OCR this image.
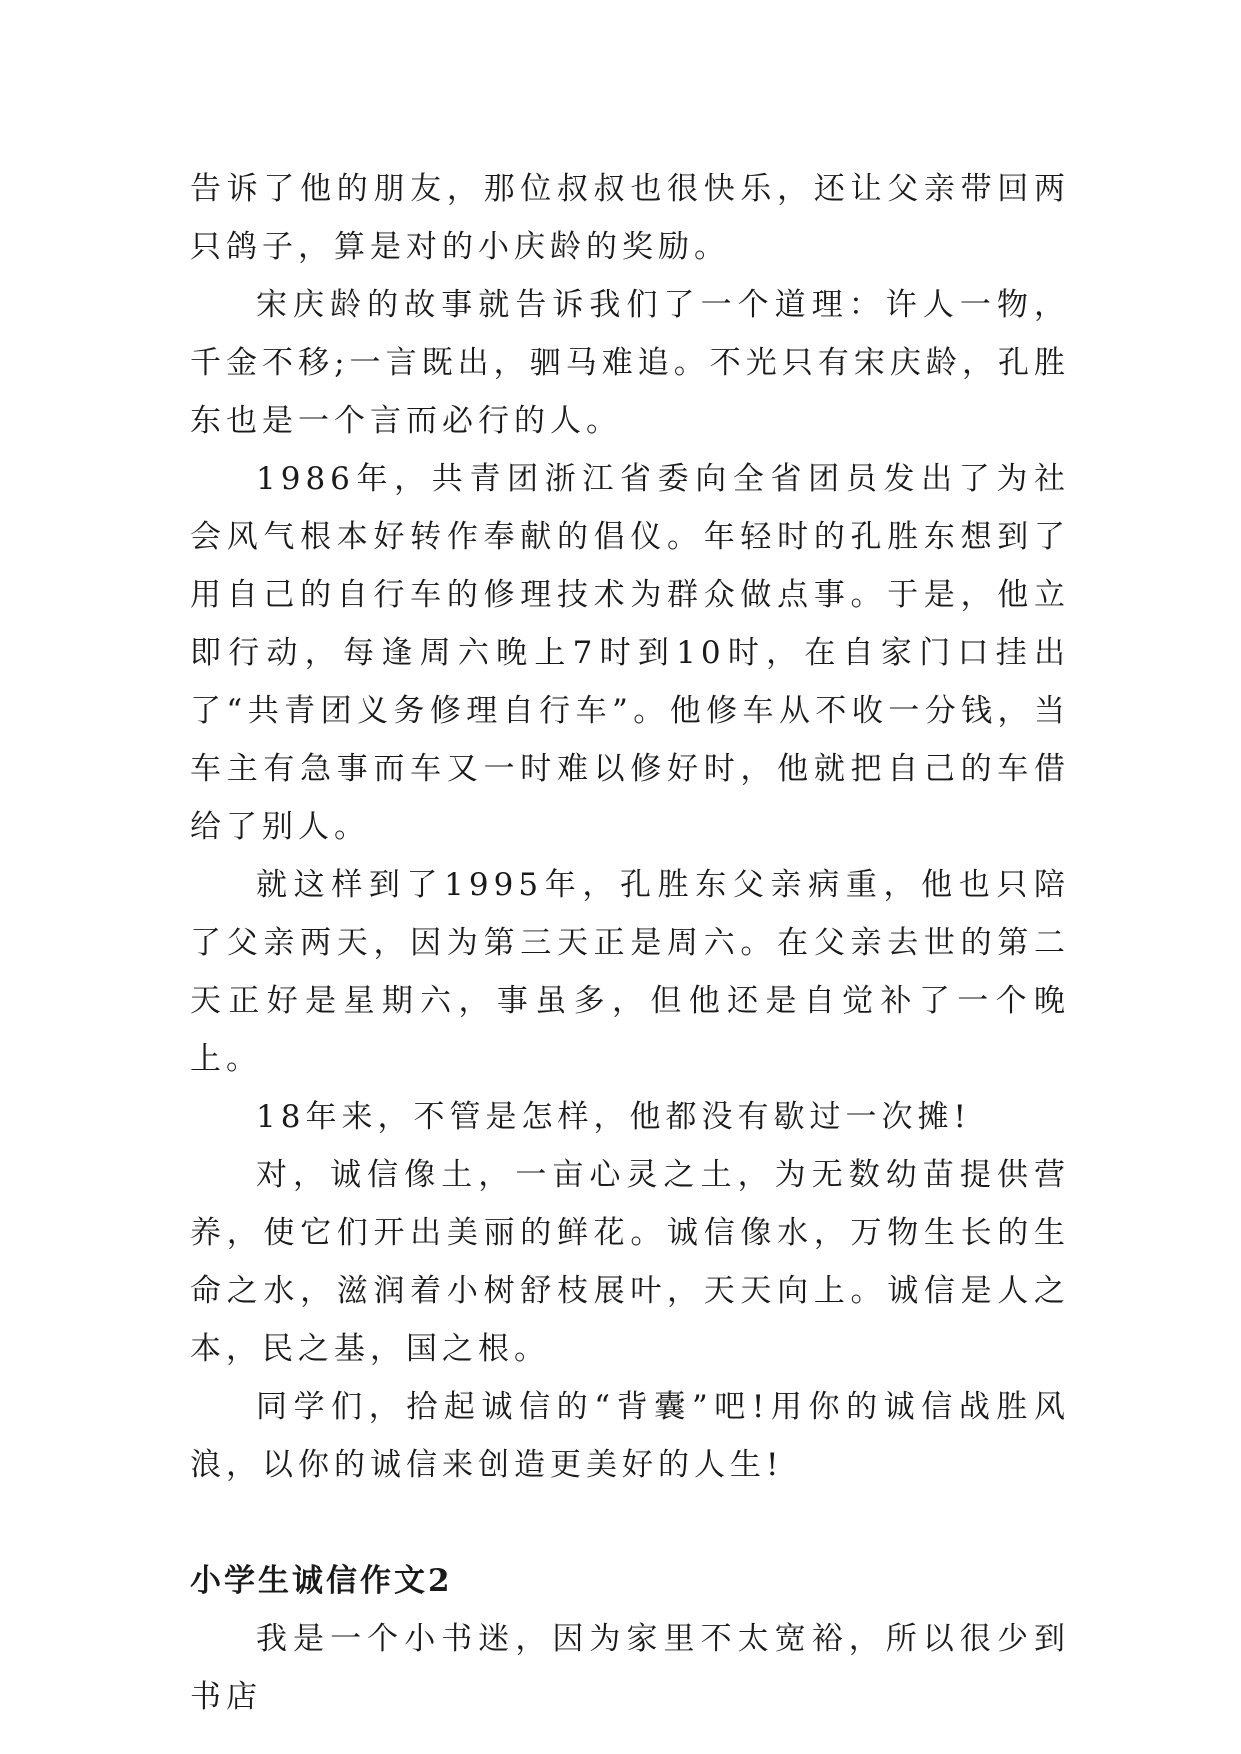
告诉了他的朋友，那位叔叔也很快乐，还让父亲带回两只鸽子，算是对的小庆龄的奖励。

宋庆龄的故事就告诉我们了一个道理：许人一物，千金不移;一言既出，驷马难追。不光只有宋庆龄，孔胜东也是一个言而必行的人。

1986年，共青团浙江省委向全省团员发出了为社会风气根本好转作奉献的倡仪。年轻时的孔胜东想到了用自己的自行车的修理技术为群众做点事。于是，他立即行动，每逢周六晚上7时到10时，在自家门口挂出了“共青团义务修理自行车”。他修车从不收一分钱，当车主有急事而车又一时难以修好时，他就把自己的车借给了别人。

就这样到了1995年，孔胜东父亲病重，他也只陪了父亲两天，因为第三天正是周六。在父亲去世的第二天正好是星期六，事虽多，但他还是自觉补了一个晚上。

18年来，不管是怎样，他都没有歇过一次摊!

对，诚信像土，一亩心灵之土，为无数幼苗提供营养，使它们开出美丽的鲜花。诚信像水，万物生长的生命之水，滋润着小树舒枝展叶，天天向上。诚信是人之本，民之基，国之根。

同学们，拾起诚信的“背囊”吧!用你的诚信战胜风浪，以你的诚信来创造更美好的人生!

小学生诚信作文2

我是一个小书迷，因为家里不太宽裕，所以很少到书店
